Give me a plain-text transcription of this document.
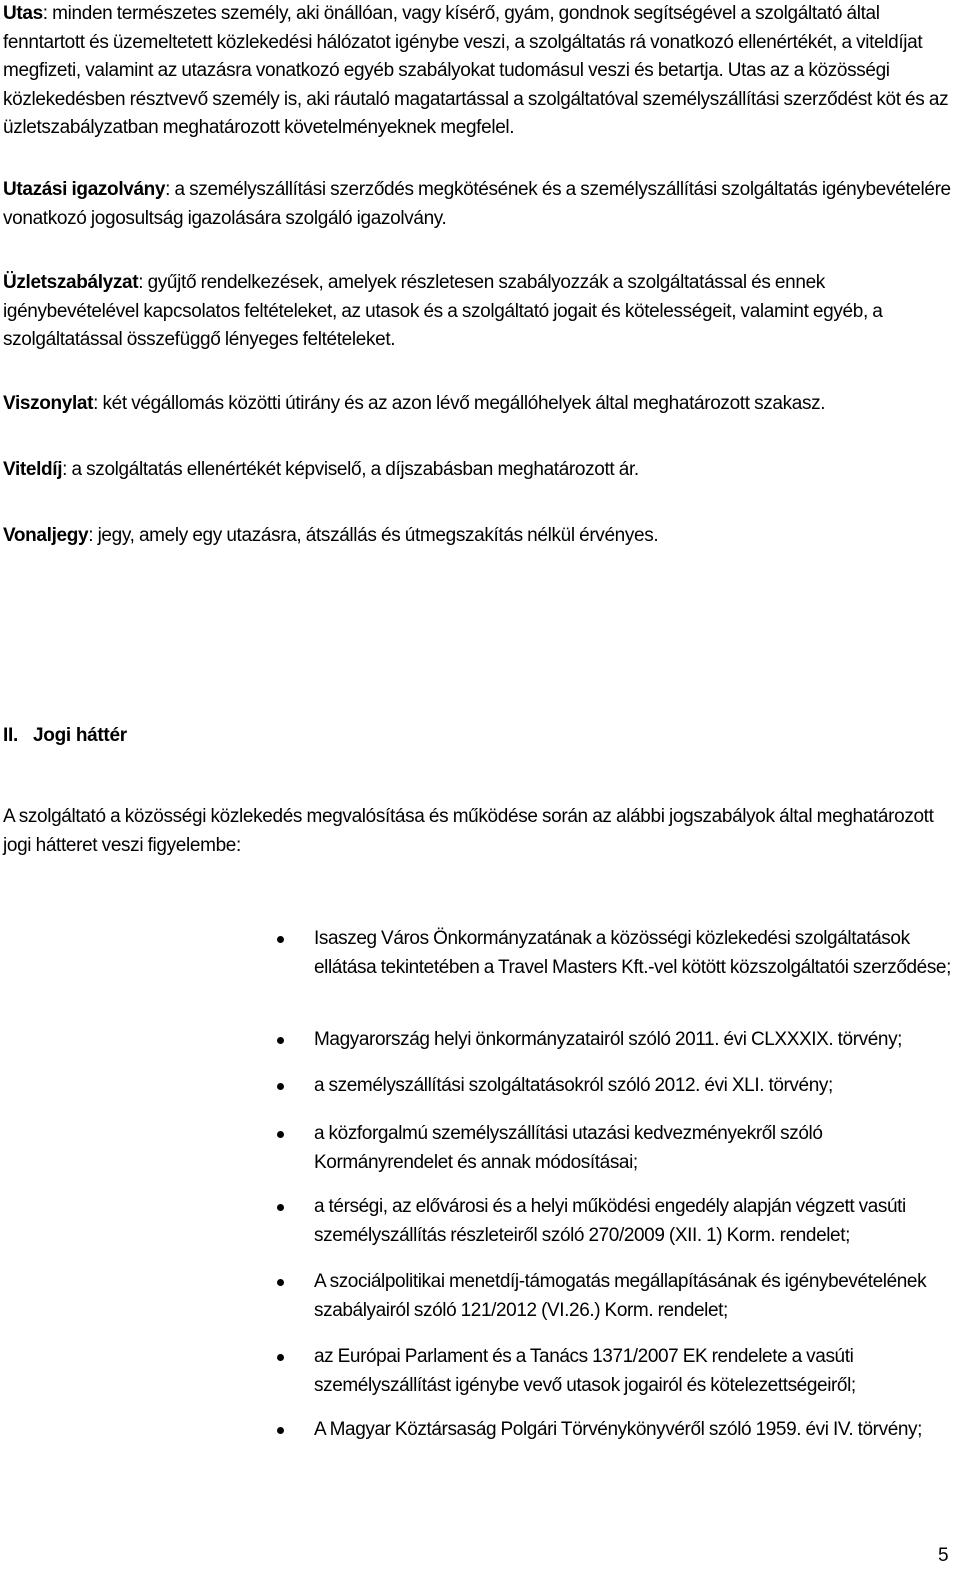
Utas: minden természetes személy, aki önállóan, vagy kísérő, gyám, gondnok segítségével a szolgáltató által fenntartott és üzemeltetett közlekedési hálózatot igénybe veszi, a szolgáltatás rá vonatkozó ellenértékét, a viteldíjat megfizeti, valamint az utazásra vonatkozó egyéb szabályokat tudomásul veszi és betartja. Utas az a közösségi közlekedésben résztvevő személy is, aki ráutaló magatartással a szolgáltatóval személyszállítási szerződést köt és az üzletszabályzatban meghatározott követelményeknek megfelel.
Utazási igazolvány: a személyszállítási szerződés megkötésének és a személyszállítási szolgáltatás igénybevételére vonatkozó jogosultság igazolására szolgáló igazolvány.
Üzletszabályzat: gyűjtő rendelkezések, amelyek részletesen szabályozzák a szolgáltatással és ennek igénybevételével kapcsolatos feltételeket, az utasok és a szolgáltató jogait és kötelességeit, valamint egyéb, a szolgáltatással összefüggő lényeges feltételeket.
Viszonylat: két végállomás közötti útirány és az azon lévő megállóhelyek által meghatározott szakasz.
Viteldíj: a szolgáltatás ellenértékét képviselő, a díjszabásban meghatározott ár.
Vonaljegy: jegy, amely egy utazásra, átszállás és útmegszakítás nélkül érvényes.
II. Jogi háttér
A szolgáltató a közösségi közlekedés megvalósítása és működése során az alábbi jogszabályok által meghatározott jogi hátteret veszi figyelembe:
Isaszeg Város Önkormányzatának a közösségi közlekedési szolgáltatások ellátása tekintetében a Travel Masters Kft.-vel kötött közszolgáltatói szerződése;
Magyarország helyi önkormányzatairól szóló 2011. évi CLXXXIX. törvény;
a személyszállítási szolgáltatásokról szóló 2012. évi XLI. törvény;
a közforgalmú személyszállítási utazási kedvezményekről szóló Kormányrendelet és annak módosításai;
a térségi, az elővárosi és a helyi működési engedély alapján végzett vasúti személyszállítás részleteiről szóló 270/2009 (XII. 1) Korm. rendelet;
A szociálpolitikai menetdíj-támogatás megállapításának és igénybevételének szabályairól szóló 121/2012 (VI.26.) Korm. rendelet;
az Európai Parlament és a Tanács 1371/2007 EK rendelete a vasúti személyszállítást igénybe vevő utasok jogairól és kötelezettségeiről;
A Magyar Köztársaság Polgári Törvénykönyvéről szóló 1959. évi IV. törvény;
5
